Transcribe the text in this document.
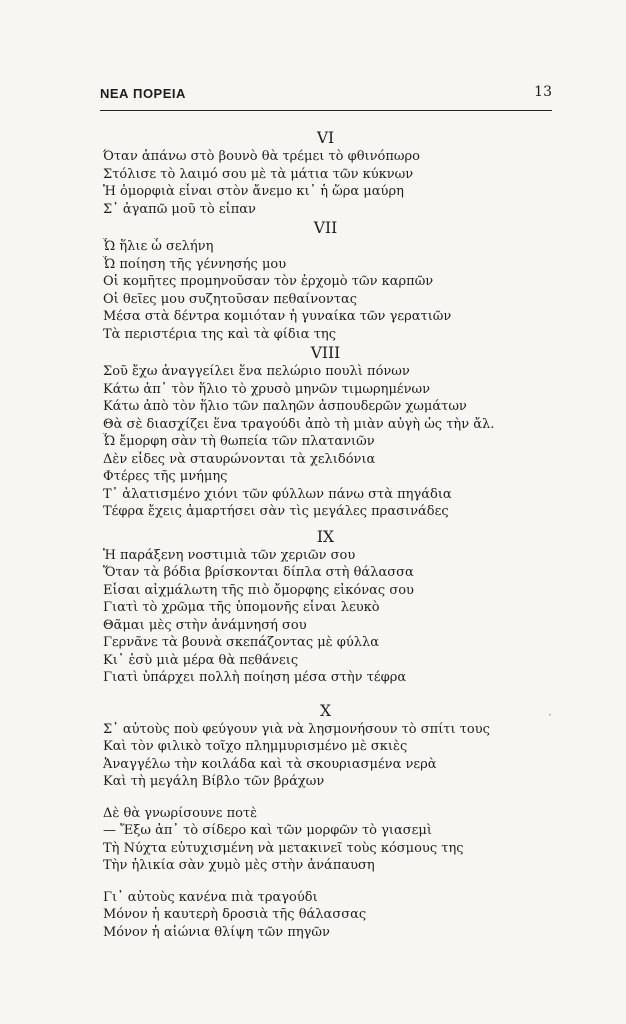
ΝΕΑ ΠΟΡΕΙΑ	13
VI
Όταν ἀπάνω στὸ βουνὸ θὰ τρέμει τὸ φθινόπωρο
Στόλισε τὸ λαιμό σου μὲ τὰ μάτια τῶν κύκνων
Ἡ ὀμορφιὰ εἶναι στὸν ἄνεμο κι᾽ ἡ ὥρα μαύρη
Σ᾽ ἀγαπῶ μοῦ τὸ εἶπαν
VII
Ὦ ἥλιε ὦ σελήνη
Ὦ ποίηση τῆς γέννησής μου
Οἱ κομῆτες προμηνοῦσαν τὸν ἐρχομὸ τῶν καρπῶν
Οἱ θεῖες μου συζητοῦσαν πεθαίνοντας
Μέσα στὰ δέντρα κομιόταν ἡ γυναίκα τῶν γερατιῶν
Τὰ περιστέρια της καὶ τὰ φίδια της
VIII
Σοῦ ἔχω ἀναγγείλει ἕνα πελώριο πουλὶ πόνων
Κάτω ἀπ᾽ τὸν ἥλιο τὸ χρυσὸ μηνῶν τιμωρημένων
Κάτω ἀπὸ τὸν ἥλιο τῶν παληῶν ἀσπουδερῶν χωμάτων
Θὰ σὲ διασχίζει ἕνα τραγούδι ἀπὸ τὴ μιὰν αὐγὴ ὡς τὴν ἄλ.
Ὦ ἔμορφη σὰν τὴ θωπεία τῶν πλατανιῶν
Δὲν εἶδες νὰ σταυρώνονται τὰ χελιδόνια
Φτέρες τῆς μνήμης
Τ᾽ ἀλατισμένο χιόνι τῶν φύλλων πάνω στὰ πηγάδια
Τέφρα ἔχεις ἁμαρτήσει σὰν τὶς μεγάλες πρασινάδες
IX
Ἡ παράξενη νοστιμιὰ τῶν χεριῶν σου
Ὅταν τὰ βόδια βρίσκονται δίπλα στὴ θάλασσα
Εἶσαι αἰχμάλωτη τῆς πιὸ ὄμορφης εἰκόνας σου
Γιατὶ τὸ χρῶμα τῆς ὑπομονῆς εἶναι λευκὸ
Θᾶμαι μὲς στὴν ἀνάμνησή σου
Γερνᾶνε τὰ βουνὰ σκεπάζοντας μὲ φύλλα
Κι᾽ ἐσὺ μιὰ μέρα θὰ πεθάνεις
Γιατὶ ὑπάρχει πολλὴ ποίηση μέσα στὴν τέφρα
X
Σ᾽ αὐτοὺς ποὺ φεύγουν γιὰ νὰ λησμονήσουν τὸ σπίτι τους
Καὶ τὸν φιλικὸ τοῖχο πλημμυρισμένο μὲ σκιὲς
Ἀναγγέλω τὴν κοιλάδα καὶ τὰ σκουριασμένα νερὰ
Καὶ τὴ μεγάλη Βίβλο τῶν βράχων
Δὲ θὰ γνωρίσουνε ποτὲ
— Ἔξω ἀπ᾽ τὸ σίδερο καὶ τῶν μορφῶν τὸ γιασεμὶ
Τὴ Νύχτα εὐτυχισμένη νὰ μετακινεῖ τοὺς κόσμους της
Τὴν ἡλικία σὰν χυμὸ μὲς στὴν ἀνάπαυση
Γι᾽ αὐτοὺς κανένα πιὰ τραγούδι
Μόνον ἡ καυτερὴ δροσιὰ τῆς θάλασσας
Μόνον ἡ αἰώνια θλίψη τῶν πηγῶν
·
